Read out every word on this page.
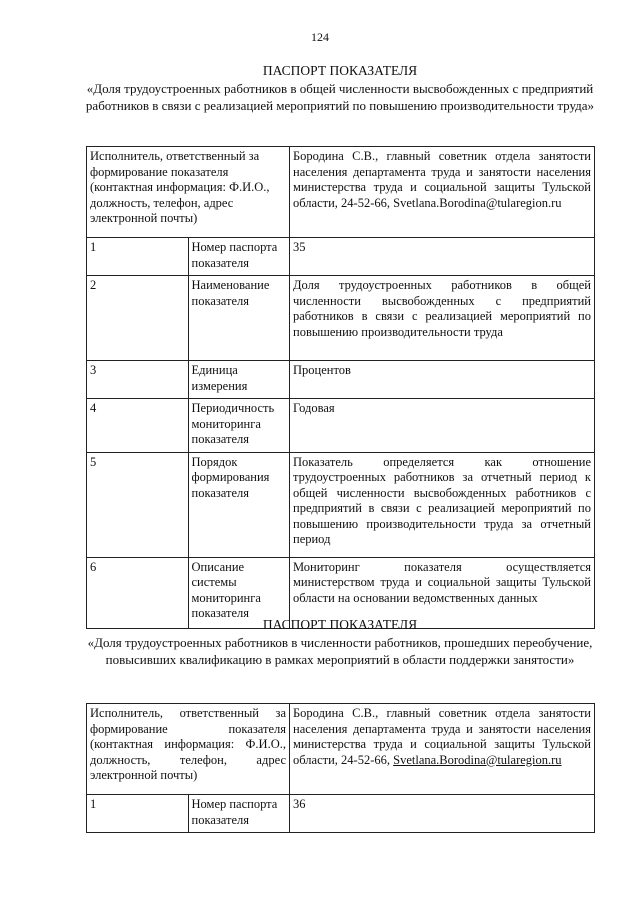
124
ПАСПОРТ ПОКАЗАТЕЛЯ
«Доля трудоустроенных работников в общей численности высвобожденных с предприятий работников в связи с реализацией мероприятий по повышению производительности труда»
Исполнитель, ответственный за формирование показателя (контактная информация: Ф.И.О., должность, телефон, адрес электронной почты)		Бородина С.В., главный советник отдела занятости населения департамента труда и занятости населения министерства труда и социальной защиты Тульской области, 24-52-66, Svetlana.Borodina@tularegion.ru
1	Номер паспорта показателя	35
2	Наименование показателя	Доля трудоустроенных работников в общей численности высвобожденных с предприятий работников в связи с реализацией мероприятий по повышению производительности труда
3	Единица измерения	Процентов
4	Периодичность мониторинга показателя	Годовая
5	Порядок формирования показателя	Показатель определяется как отношение трудоустроенных работников за отчетный период к общей численности высвобожденных работников с предприятий в связи с реализацией мероприятий по повышению производительности труда за отчетный период
6	Описание системы мониторинга показателя	Мониторинг показателя осуществляется министерством труда и социальной защиты Тульской области на основании ведомственных данных
ПАСПОРТ ПОКАЗАТЕЛЯ
«Доля трудоустроенных работников в численности работников, прошедших переобучение, повысивших квалификацию в рамках мероприятий в области поддержки занятости»
Исполнитель, ответственный за формирование показателя (контактная информация: Ф.И.О., должность, телефон, адрес электронной почты)		Бородина С.В., главный советник отдела занятости населения департамента труда и занятости населения министерства труда и социальной защиты Тульской области, 24-52-66, Svetlana.Borodina@tularegion.ru
1	Номер паспорта показателя	36
